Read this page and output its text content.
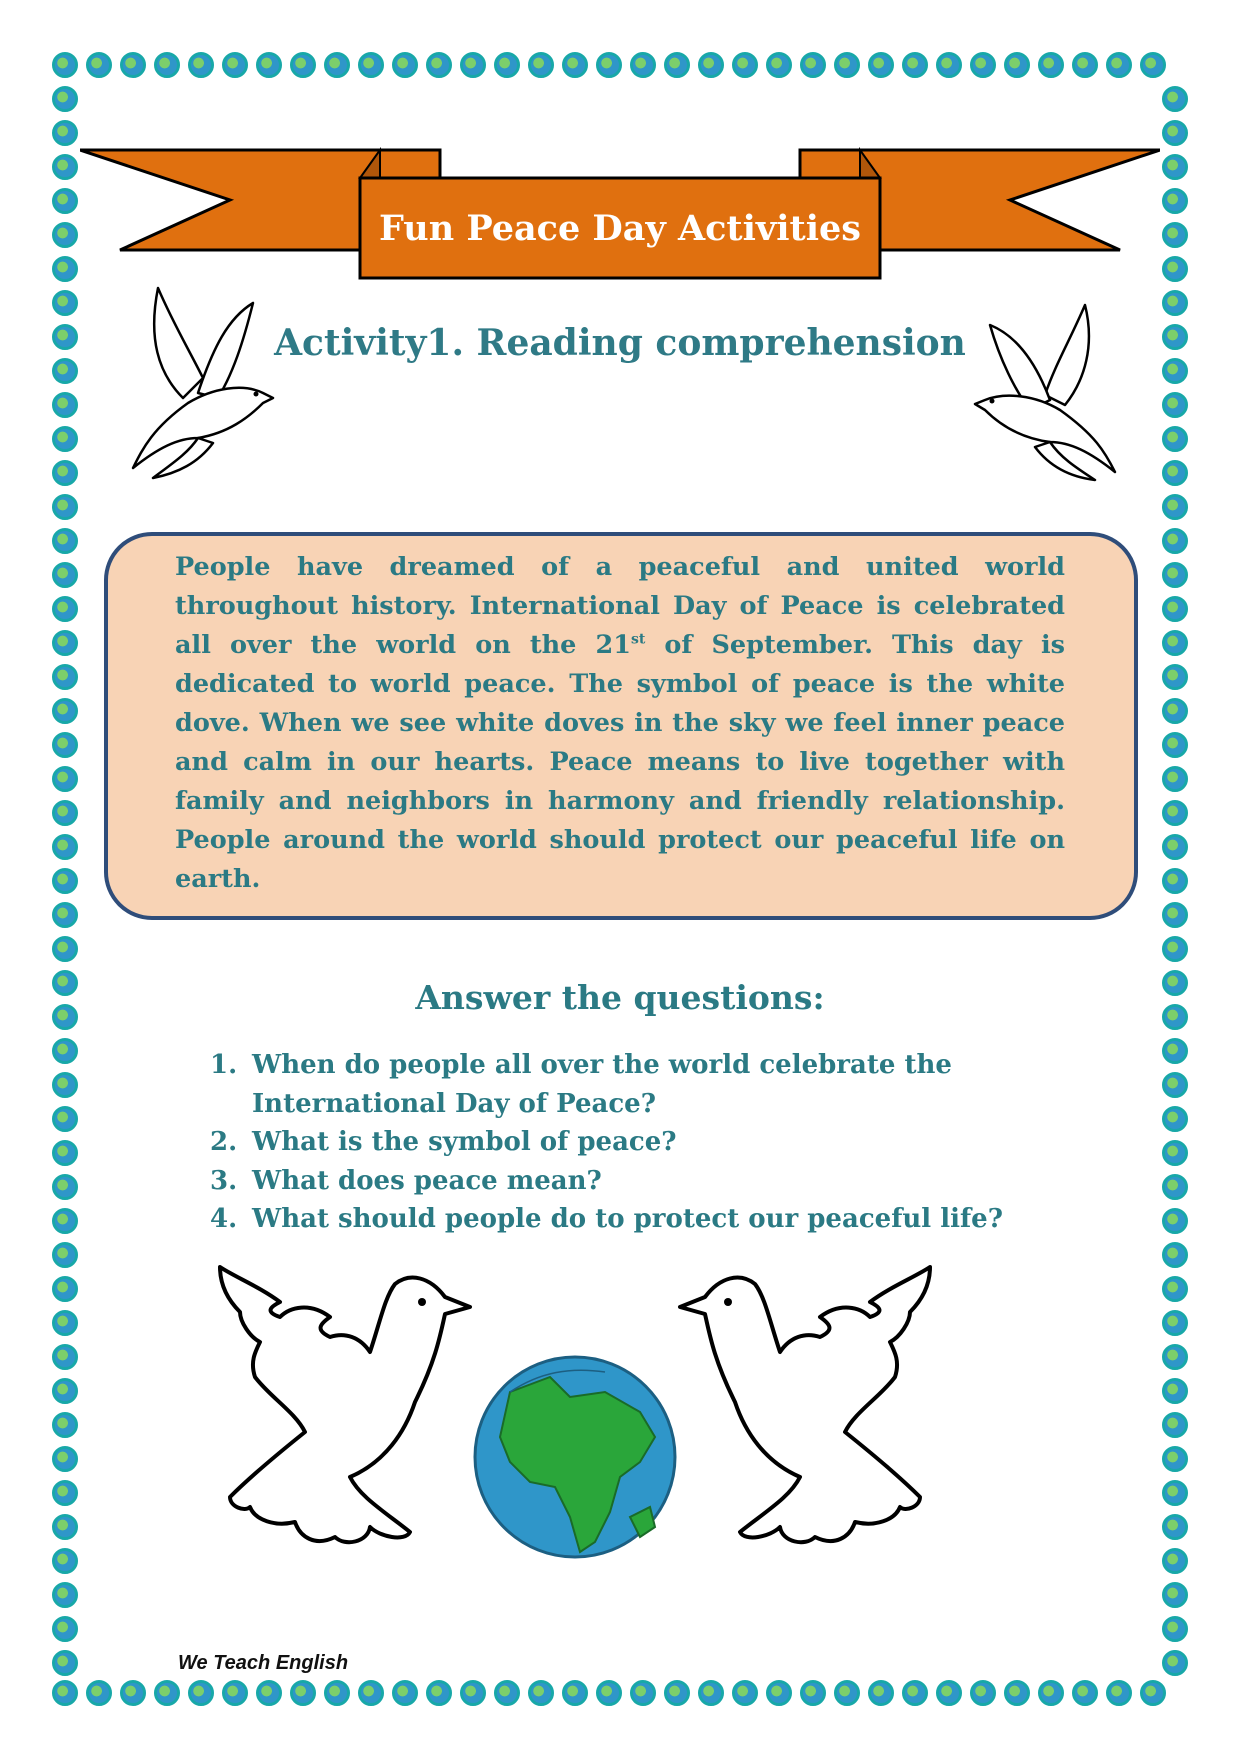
Fun Peace Day Activities
Activity1. Reading comprehension

People have dreamed of a peaceful and united world throughout history. International Day of Peace is celebrated all over the world on the 21st of September. This day is dedicated to world peace. The symbol of peace is the white dove. When we see white doves in the sky we feel inner peace and calm in our hearts. Peace means to live together with family and neighbors in harmony and friendly relationship. People around the world should protect our peaceful life on earth.

Answer the questions:
1. When do people all over the world celebrate the International Day of Peace?
2. What is the symbol of peace?
3. What does peace mean?
4. What should people do to protect our peaceful life?
We Teach English
